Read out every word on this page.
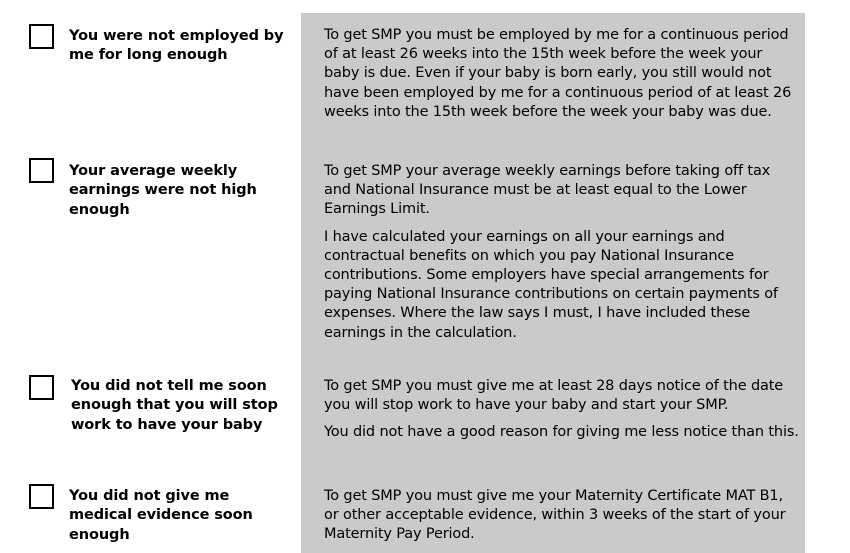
You were not employed by me for long enough

To get SMP you must be employed by me for a continuous period of at least 26 weeks into the 15th week before the week your baby is due. Even if your baby is born early, you still would not have been employed by me for a continuous period of at least 26 weeks into the 15th week before the week your baby was due.

Your average weekly earnings were not high enough

To get SMP your average weekly earnings before taking off tax and National Insurance must be at least equal to the Lower Earnings Limit.

I have calculated your earnings on all your earnings and contractual benefits on which you pay National Insurance contributions. Some employers have special arrangements for paying National Insurance contributions on certain payments of expenses. Where the law says I must, I have included these earnings in the calculation.

You did not tell me soon enough that you will stop work to have your baby

To get SMP you must give me at least 28 days notice of the date you will stop work to have your baby and start your SMP.

You did not have a good reason for giving me less notice than this.

You did not give me medical evidence soon enough

To get SMP you must give me your Maternity Certificate MAT B1, or other acceptable evidence, within 3 weeks of the start of your Maternity Pay Period.
